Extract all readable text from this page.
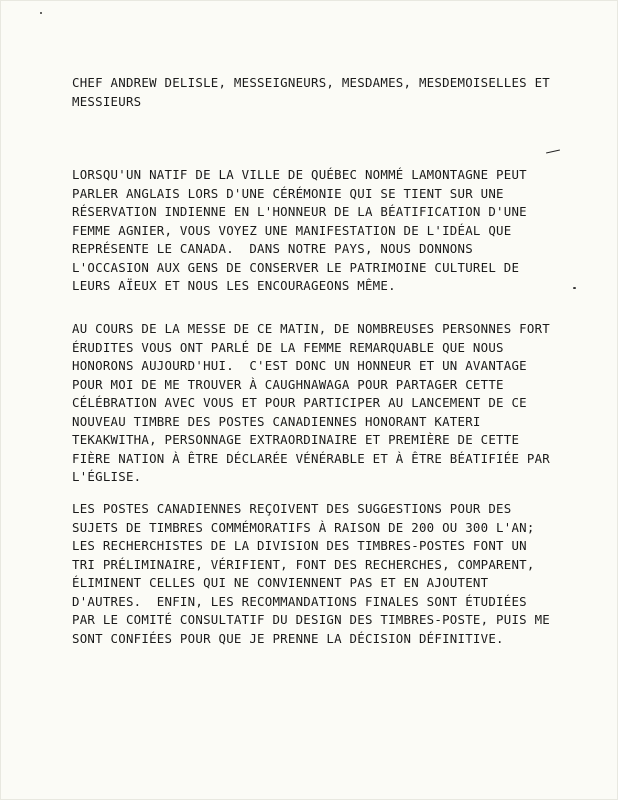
CHEF ANDREW DELISLE, MESSEIGNEURS, MESDAMES, MESDEMOISELLES ET
MESSIEURS

LORSQU'UN NATIF DE LA VILLE DE QUÉBEC NOMMÉ LAMONTAGNE PEUT
PARLER ANGLAIS LORS D'UNE CÉRÉMONIE QUI SE TIENT SUR UNE
RÉSERVATION INDIENNE EN L'HONNEUR DE LA BÉATIFICATION D'UNE
FEMME AGNIER, VOUS VOYEZ UNE MANIFESTATION DE L'IDÉAL QUE
REPRÉSENTE LE CANADA.  DANS NOTRE PAYS, NOUS DONNONS
L'OCCASION AUX GENS DE CONSERVER LE PATRIMOINE CULTUREL DE
LEURS AÏEUX ET NOUS LES ENCOURAGEONS MÊME.

AU COURS DE LA MESSE DE CE MATIN, DE NOMBREUSES PERSONNES FORT
ÉRUDITES VOUS ONT PARLÉ DE LA FEMME REMARQUABLE QUE NOUS
HONORONS AUJOURD'HUI.  C'EST DONC UN HONNEUR ET UN AVANTAGE
POUR MOI DE ME TROUVER À CAUGHNAWAGA POUR PARTAGER CETTE
CÉLÉBRATION AVEC VOUS ET POUR PARTICIPER AU LANCEMENT DE CE
NOUVEAU TIMBRE DES POSTES CANADIENNES HONORANT KATERI
TEKAKWITHA, PERSONNAGE EXTRAORDINAIRE ET PREMIÈRE DE CETTE
FIÈRE NATION À ÊTRE DÉCLARÉE VÉNÉRABLE ET À ÊTRE BÉATIFIÉE PAR
L'ÉGLISE.

LES POSTES CANADIENNES REÇOIVENT DES SUGGESTIONS POUR DES
SUJETS DE TIMBRES COMMÉMORATIFS À RAISON DE 200 OU 300 L'AN;
LES RECHERCHISTES DE LA DIVISION DES TIMBRES-POSTES FONT UN
TRI PRÉLIMINAIRE, VÉRIFIENT, FONT DES RECHERCHES, COMPARENT,
ÉLIMINENT CELLES QUI NE CONVIENNENT PAS ET EN AJOUTENT
D'AUTRES.  ENFIN, LES RECOMMANDATIONS FINALES SONT ÉTUDIÉES
PAR LE COMITÉ CONSULTATIF DU DESIGN DES TIMBRES-POSTE, PUIS ME
SONT CONFIÉES POUR QUE JE PRENNE LA DÉCISION DÉFINITIVE.
